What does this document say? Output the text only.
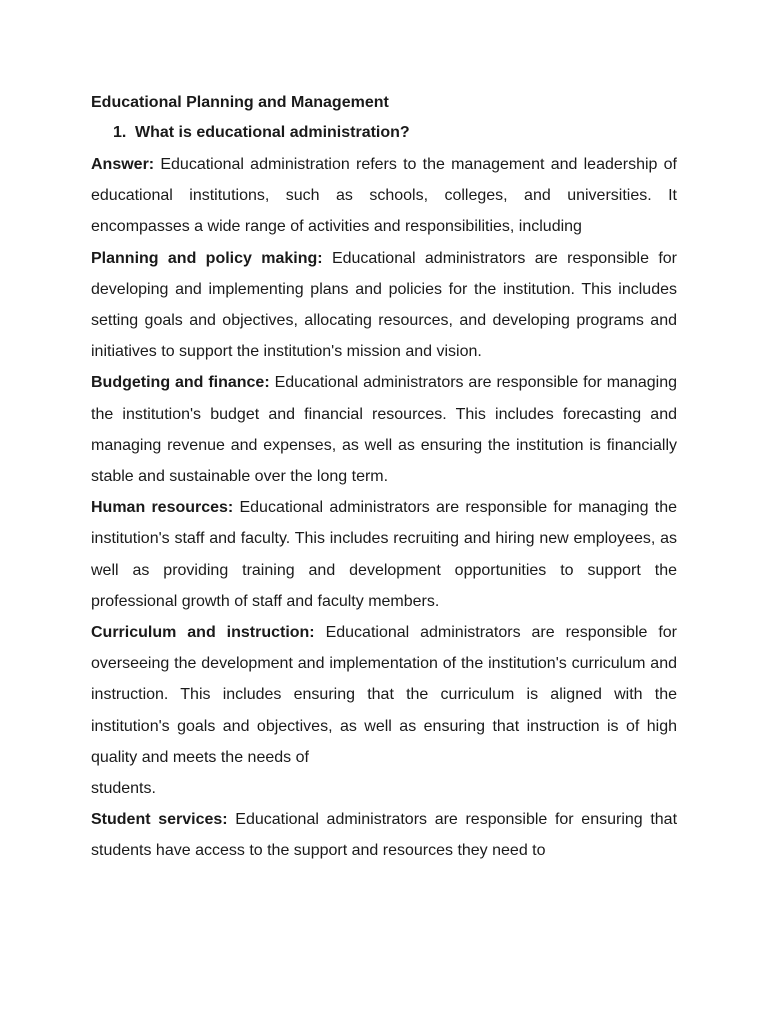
Educational Planning and Management
1. What is educational administration?

Answer: Educational administration refers to the management and leadership of educational institutions, such as schools, colleges, and universities. It encompasses a wide range of activities and responsibilities, including

Planning and policy making: Educational administrators are responsible for developing and implementing plans and policies for the institution. This includes setting goals and objectives, allocating resources, and developing programs and initiatives to support the institution's mission and vision.

Budgeting and finance: Educational administrators are responsible for managing the institution's budget and financial resources. This includes forecasting and managing revenue and expenses, as well as ensuring the institution is financially stable and sustainable over the long term.

Human resources: Educational administrators are responsible for managing the institution's staff and faculty. This includes recruiting and hiring new employees, as well as providing training and development opportunities to support the professional growth of staff and faculty members.

Curriculum and instruction: Educational administrators are responsible for overseeing the development and implementation of the institution's curriculum and instruction. This includes ensuring that the curriculum is aligned with the institution's goals and objectives, as well as ensuring that instruction is of high quality and meets the needs of

students.

Student services: Educational administrators are responsible for ensuring that students have access to the support and resources they need to
